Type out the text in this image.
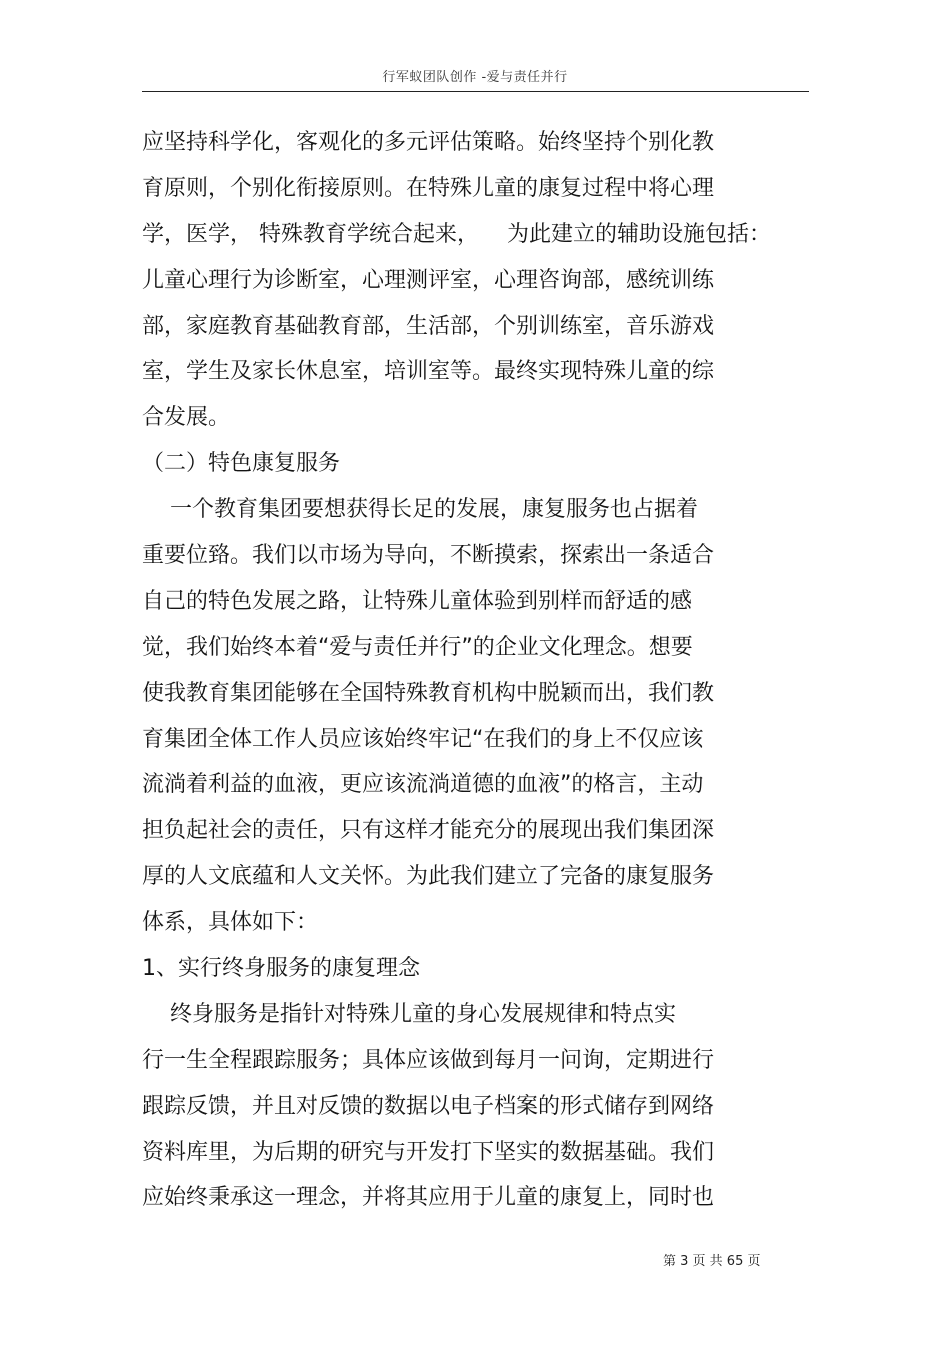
行军蚁团队创作 -爱与责任并行
应坚持科学化，客观化的多元评估策略。始终坚持个别化教
育原则，个别化衔接原则。在特殊儿童的康复过程中将心理
学，医学， 特殊教育学统合起来，    为此建立的辅助设施包括：
儿童心理行为诊断室，心理测评室，心理咨询部，感统训练
部，家庭教育基础教育部，生活部，个别训练室，音乐游戏
室，学生及家长休息室，培训室等。最终实现特殊儿童的综
合发展。
（二）特色康复服务
一个教育集团要想获得长足的发展，康复服务也占据着
重要位臵。我们以市场为导向，不断摸索，探索出一条适合
自己的特色发展之路，让特殊儿童体验到别样而舒适的感
觉，我们始终本着“爱与责任并行”的企业文化理念。想要
使我教育集团能够在全国特殊教育机构中脱颖而出，我们教
育集团全体工作人员应该始终牢记“在我们的身上不仅应该
流淌着利益的血液，更应该流淌道德的血液”的格言，主动
担负起社会的责任，只有这样才能充分的展现出我们集团深
厚的人文底蕴和人文关怀。为此我们建立了完备的康复服务
体系，具体如下：
1、实行终身服务的康复理念
终身服务是指针对特殊儿童的身心发展规律和特点实
行一生全程跟踪服务；具体应该做到每月一问询，定期进行
跟踪反馈，并且对反馈的数据以电子档案的形式储存到网络
资料库里，为后期的研究与开发打下坚实的数据基础。我们
应始终秉承这一理念，并将其应用于儿童的康复上，同时也
第 3 页 共 65 页
